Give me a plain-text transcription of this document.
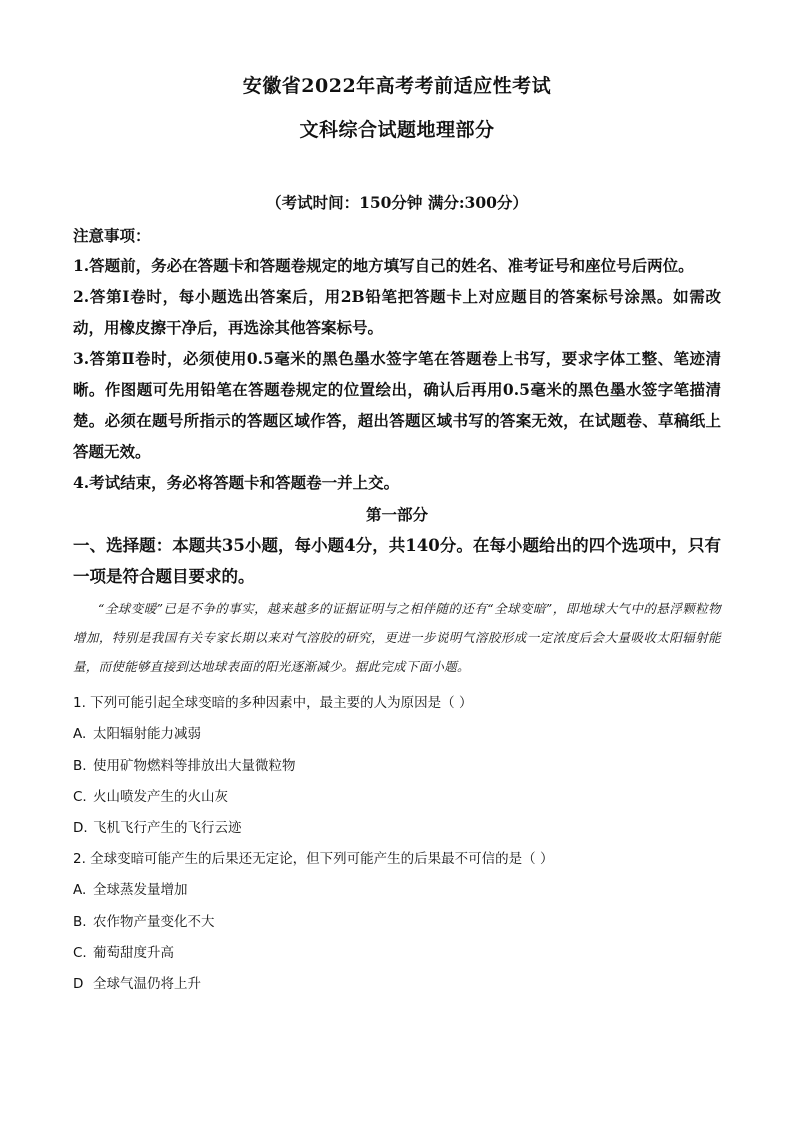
安徽省2022年高考考前适应性考试
文科综合试题地理部分
（考试时间：150分钟 满分:300分）
注意事项：
1.答题前，务必在答题卡和答题卷规定的地方填写自己的姓名、准考证号和座位号后两位。
2.答第Ⅰ卷时，每小题选出答案后，用2B铅笔把答题卡上对应题目的答案标号涂黑。如需改动，用橡皮擦干净后，再选涂其他答案标号。
3.答第Ⅱ卷时，必须使用0.5毫米的黑色墨水签字笔在答题卷上书写，要求字体工整、笔迹清晰。作图题可先用铅笔在答题卷规定的位置绘出，确认后再用0.5毫米的黑色墨水签字笔描清楚。必须在题号所指示的答题区域作答，超出答题区域书写的答案无效，在试题卷、草稿纸上答题无效。
4.考试结束，务必将答题卡和答题卷一并上交。
第一部分
一、选择题：本题共35小题，每小题4分，共140分。在每小题给出的四个选项中，只有一项是符合题目要求的。
“全球变暖”已是不争的事实，越来越多的证据证明与之相伴随的还有“全球变暗”，即地球大气中的悬浮颗粒物增加，特别是我国有关专家长期以来对气溶胶的研究，更进一步说明气溶胶形成一定浓度后会大量吸收太阳辐射能量，而使能够直接到达地球表面的阳光逐渐减少。据此完成下面小题。
1. 下列可能引起全球变暗的多种因素中，最主要的人为原因是（ ）
A. 太阳辐射能力减弱
B. 使用矿物燃料等排放出大量微粒物
C. 火山喷发产生的火山灰
D. 飞机飞行产生的飞行云迹
2. 全球变暗可能产生的后果还无定论，但下列可能产生的后果最不可信的是（ ）
A. 全球蒸发量增加
B. 农作物产量变化不大
C. 葡萄甜度升高
D 全球气温仍将上升
